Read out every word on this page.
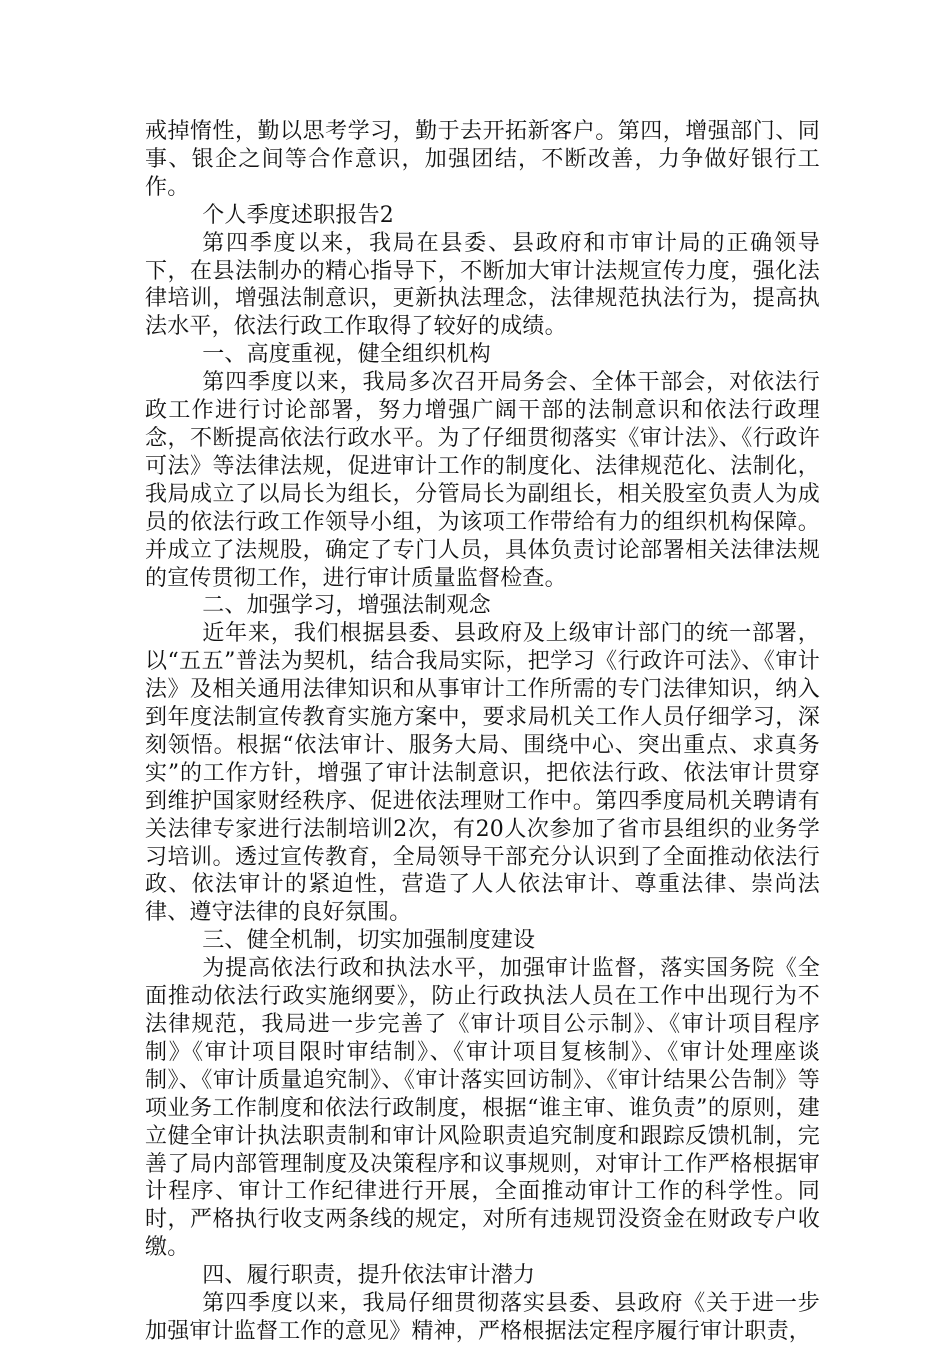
戒掉惰性，勤以思考学习，勤于去开拓新客户。第四，增强部门、同事、银企之间等合作意识，加强团结，不断改善，力争做好银行工作。

个人季度述职报告2

第四季度以来，我局在县委、县政府和市审计局的正确领导下，在县法制办的精心指导下，不断加大审计法规宣传力度，强化法律培训，增强法制意识，更新执法理念，法律规范执法行为，提高执法水平，依法行政工作取得了较好的成绩。

一、高度重视，健全组织机构

第四季度以来，我局多次召开局务会、全体干部会，对依法行政工作进行讨论部署，努力增强广阔干部的法制意识和依法行政理念，不断提高依法行政水平。为了仔细贯彻落实《审计法》、《行政许可法》等法律法规，促进审计工作的制度化、法律规范化、法制化，我局成立了以局长为组长，分管局长为副组长，相关股室负责人为成员的依法行政工作领导小组，为该项工作带给有力的组织机构保障。并成立了法规股，确定了专门人员，具体负责讨论部署相关法律法规的宣传贯彻工作，进行审计质量监督检查。

二、加强学习，增强法制观念

近年来，我们根据县委、县政府及上级审计部门的统一部署，以“五五”普法为契机，结合我局实际，把学习《行政许可法》、《审计法》及相关通用法律知识和从事审计工作所需的专门法律知识，纳入到年度法制宣传教育实施方案中，要求局机关工作人员仔细学习，深刻领悟。根据“依法审计、服务大局、围绕中心、突出重点、求真务实”的工作方针，增强了审计法制意识，把依法行政、依法审计贯穿到维护国家财经秩序、促进依法理财工作中。第四季度局机关聘请有关法律专家进行法制培训2次，有20人次参加了省市县组织的业务学习培训。透过宣传教育，全局领导干部充分认识到了全面推动依法行政、依法审计的紧迫性，营造了人人依法审计、尊重法律、崇尚法律、遵守法律的良好氛围。

三、健全机制，切实加强制度建设

为提高依法行政和执法水平，加强审计监督，落实国务院《全面推动依法行政实施纲要》，防止行政执法人员在工作中出现行为不法律规范，我局进一步完善了《审计项目公示制》、《审计项目程序制》《审计项目限时审结制》、《审计项目复核制》、《审计处理座谈制》、《审计质量追究制》、《审计落实回访制》、《审计结果公告制》等项业务工作制度和依法行政制度，根据“谁主审、谁负责”的原则，建立健全审计执法职责制和审计风险职责追究制度和跟踪反馈机制，完善了局内部管理制度及决策程序和议事规则，对审计工作严格根据审计程序、审计工作纪律进行开展，全面推动审计工作的科学性。同时，严格执行收支两条线的规定，对所有违规罚没资金在财政专户收缴。

四、履行职责，提升依法审计潜力

第四季度以来，我局仔细贯彻落实县委、县政府《关于进一步加强审计监督工作的意见》精神，严格根据法定程序履行审计职责，
